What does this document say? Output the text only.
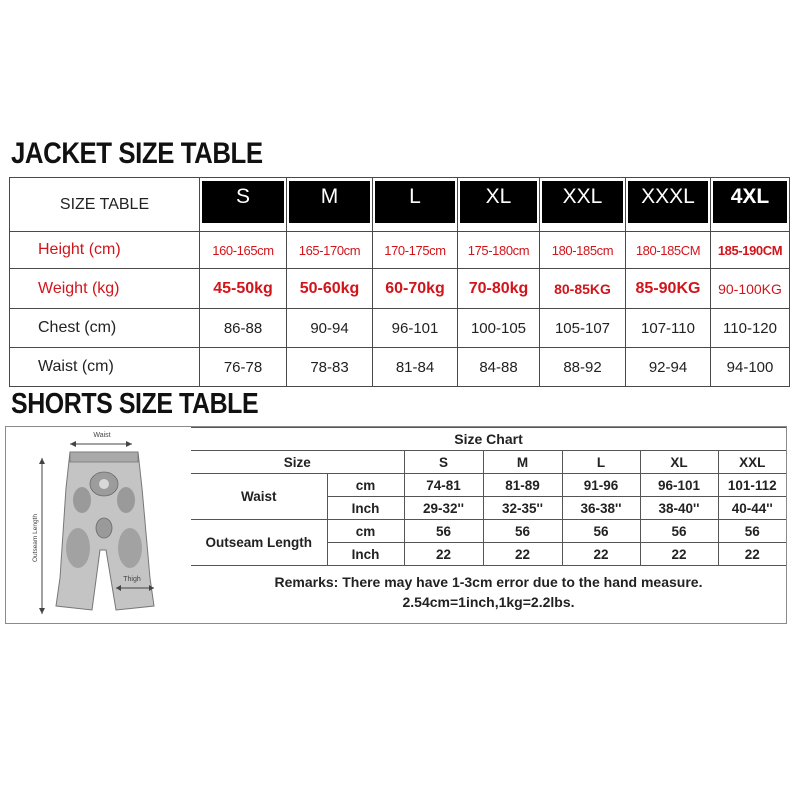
JACKET SIZE TABLE
SIZE TABLE	S	M	L	XL	XXL	XXXL	4XL

Height (cm)	160-165cm	165-170cm	170-175cm	175-180cm	180-185cm	180-185CM	185-190CM
Weight (kg)	45-50kg	50-60kg	60-70kg	70-80kg	80-85KG	85-90KG	90-100KG
Chest (cm)	86-88	90-94	96-101	100-105	105-107	107-110	110-120
Waist (cm)	76-78	78-83	81-84	84-88	88-92	92-94	94-100
SHORTS SIZE TABLE
Waist
Outseam Length
Thigh
Size Chart						
Size		S	M	L	XL	XXL
Waist	cm	74-81	81-89	91-96	96-101	101-112
	Inch	29-32''	32-35''	36-38''	38-40''	40-44''
Outseam Length	cm	56	56	56	56	56
	Inch	22	22	22	22	22

Remarks: There may have 1-3cm error due to the hand measure.
2.54cm=1inch,1kg=2.2lbs.						
